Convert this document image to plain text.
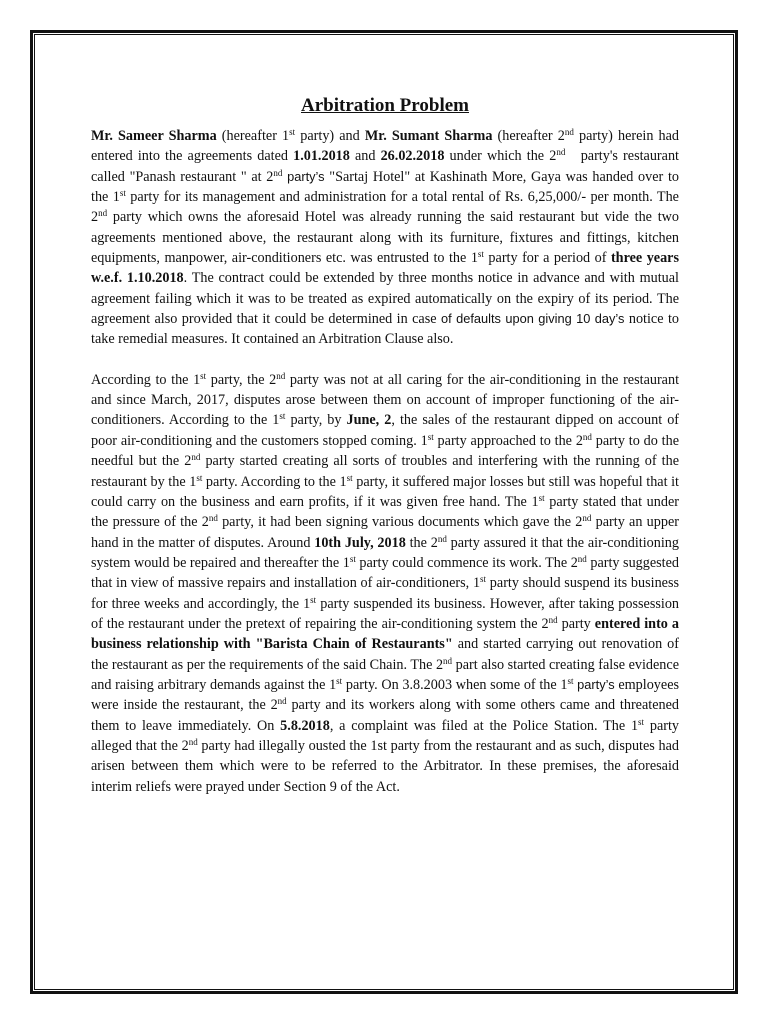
Arbitration Problem

Mr. Sameer Sharma (hereafter 1st party) and Mr. Sumant Sharma (hereafter 2nd party) herein had entered into the agreements dated 1.01.2018 and 26.02.2018 under which the 2nd   party's restaurant called "Panash restaurant " at 2nd party’s "Sartaj Hotel" at Kashinath More, Gaya was handed over to the 1st party for its management and administration for a total rental of Rs. 6,25,000/- per month. The 2nd party which owns the aforesaid Hotel was already running the said restaurant but vide the two agreements mentioned above, the restaurant along with its furniture, fixtures and fittings, kitchen equipments, manpower, air-conditioners etc. was entrusted to the 1st party for a period of three years w.e.f. 1.10.2018. The contract could be extended by three months notice in advance and with mutual agreement failing which it was to be treated as expired automatically on the expiry of its period. The agreement also provided that it could be determined in case of defaults upon giving 10 day’s notice to take remedial measures. It contained an Arbitration Clause also.

According to the 1st party, the 2nd party was not at all caring for the air-conditioning in the restaurant and since March, 2017, disputes arose between them on account of improper functioning of the air-conditioners. According to the 1st party, by June, 2, the sales of the restaurant dipped on account of poor air-conditioning and the customers stopped coming. 1st party approached to the 2nd party to do the needful but the 2nd party started creating all sorts of troubles and interfering with the running of the restaurant by the 1st party. According to the 1st party, it suffered major losses but still was hopeful that it could carry on the business and earn profits, if it was given free hand. The 1st party stated that under the pressure of the 2nd party, it had been signing various documents which gave the 2nd party an upper hand in the matter of disputes. Around 10th July, 2018 the 2nd party assured it that the air-conditioning system would be repaired and thereafter the 1st party could commence its work. The 2nd party suggested that in view of massive repairs and installation of air-conditioners, 1st party should suspend its business for three weeks and accordingly, the 1st party suspended its business. However, after taking possession of the restaurant under the pretext of repairing the air-conditioning system the 2nd party entered into a business relationship with "Barista Chain of Restaurants" and started carrying out renovation of the restaurant as per the requirements of the said Chain. The 2nd part also started creating false evidence and raising arbitrary demands against the 1st party. On 3.8.2003 when some of the 1st party’s employees were inside the restaurant, the 2nd party and its workers along with some others came and threatened them to leave immediately. On 5.8.2018, a complaint was filed at the Police Station. The 1st party alleged that the 2nd party had illegally ousted the 1st party from the restaurant and as such, disputes had arisen between them which were to be referred to the Arbitrator. In these premises, the aforesaid interim reliefs were prayed under Section 9 of the Act.
